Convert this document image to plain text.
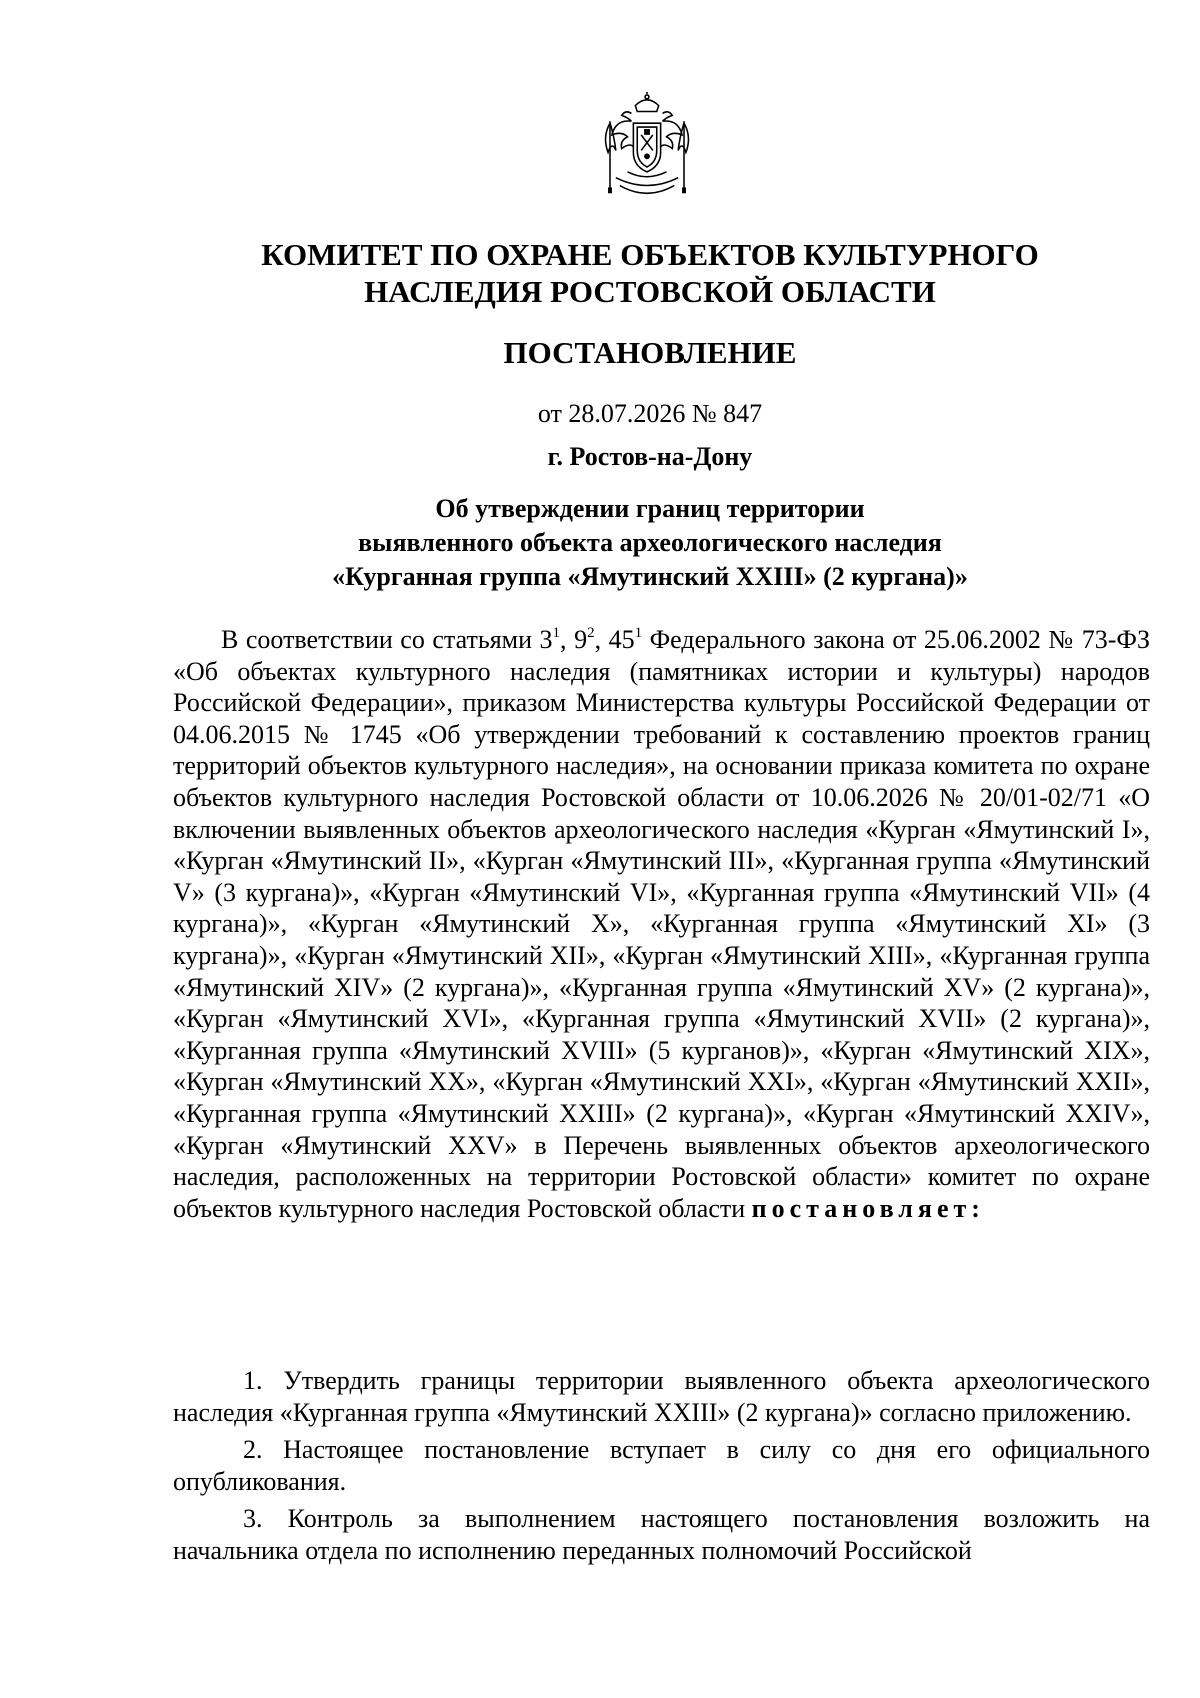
КОМИТЕТ ПО ОХРАНЕ ОБЪЕКТОВ КУЛЬТУРНОГО
НАСЛЕДИЯ РОСТОВСКОЙ ОБЛАСТИ
ПОСТАНОВЛЕНИЕ
от 28.07.2026 № 847
г. Ростов-на-Дону
Об утверждении границ территории
выявленного объекта археологического наследия
«Курганная группа «Ямутинский XXIII» (2 кургана)»

В соответствии со статьями $3^1$, $9^2$, $45^1$ Федерального закона от 25.06.2002 № 73-ФЗ «Об объектах культурного наследия (памятниках истории и культуры) народов Российской Федерации», приказом Министерства культуры Российской Федерации от 04.06.2015 № 1745 «Об утверждении требований к составлению проектов границ территорий объектов культурного наследия», на основании приказа комитета по охране объектов культурного наследия Ростовской области от 10.06.2026 № 20/01-02/71 «О включении выявленных объектов археологического наследия «Курган «Ямутинский I», «Курган «Ямутинский II», «Курган «Ямутинский III», «Курганная группа «Ямутинский V» (3 кургана)», «Курган «Ямутинский VI», «Курганная группа «Ямутинский VII» (4 кургана)», «Курган «Ямутинский X», «Курганная группа «Ямутинский XI» (3 кургана)», «Курган «Ямутинский XII», «Курган «Ямутинский XIII», «Курганная группа «Ямутинский XIV» (2 кургана)», «Курганная группа «Ямутинский XV» (2 кургана)», «Курган «Ямутинский XVI», «Курганная группа «Ямутинский XVII» (2 кургана)», «Курганная группа «Ямутинский XVIII» (5 курганов)», «Курган «Ямутинский XIX», «Курган «Ямутинский XX», «Курган «Ямутинский XXI», «Курган «Ямутинский XXII», «Курганная группа «Ямутинский XXIII» (2 кургана)», «Курган «Ямутинский XXIV», «Курган «Ямутинский XXV» в Перечень выявленных объектов археологического наследия, расположенных на территории Ростовской области» комитет по охране объектов культурного наследия Ростовской области постановляет:

1. Утвердить границы территории выявленного объекта археологического наследия «Курганная группа «Ямутинский XXIII» (2 кургана)» согласно приложению.

2. Настоящее постановление вступает в силу со дня его официального опубликования.

3. Контроль за выполнением настоящего постановления возложить на начальника отдела по исполнению переданных полномочий Российской
